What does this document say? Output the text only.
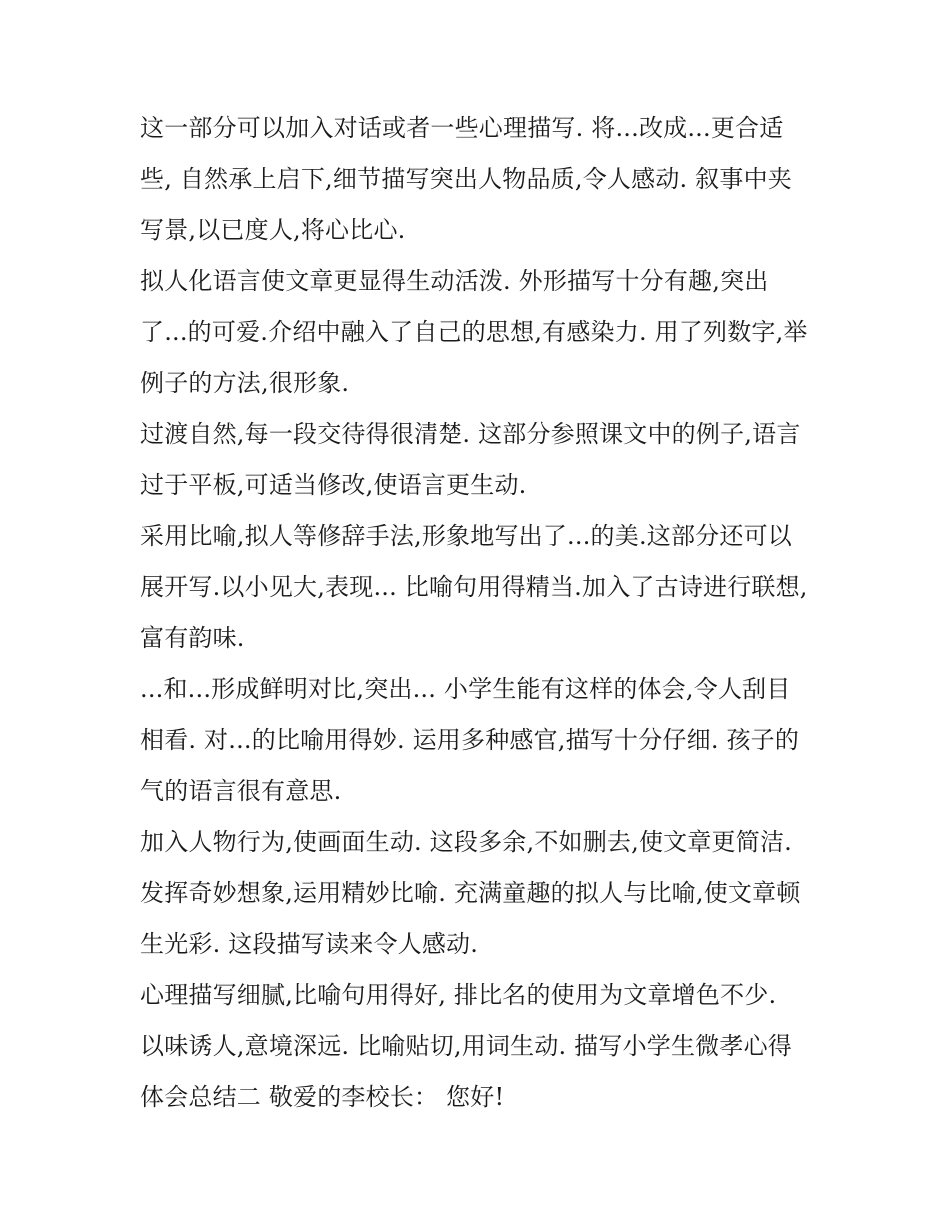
这一部分可以加入对话或者一些心理描写. 将...改成...更合适
些, 自然承上启下,细节描写突出人物品质,令人感动. 叙事中夹
写景,以已度人,将心比心.
拟人化语言使文章更显得生动活泼. 外形描写十分有趣,突出
了...的可爱.介绍中融入了自己的思想,有感染力. 用了列数字,举
例子的方法,很形象.
过渡自然,每一段交待得很清楚. 这部分参照课文中的例子,语言
过于平板,可适当修改,使语言更生动.
采用比喻,拟人等修辞手法,形象地写出了...的美.这部分还可以
展开写.以小见大,表现... 比喻句用得精当.加入了古诗进行联想,
富有韵味.
...和...形成鲜明对比,突出... 小学生能有这样的体会,令人刮目
相看. 对...的比喻用得妙. 运用多种感官,描写十分仔细. 孩子的
气的语言很有意思.
加入人物行为,使画面生动. 这段多余,不如删去,使文章更简洁.
发挥奇妙想象,运用精妙比喻. 充满童趣的拟人与比喻,使文章顿
生光彩. 这段描写读来令人感动.
心理描写细腻,比喻句用得好, 排比名的使用为文章增色不少.
以味诱人,意境深远. 比喻贴切,用词生动. 描写小学生微孝心得
体会总结二 敬爱的李校长： 您好!
